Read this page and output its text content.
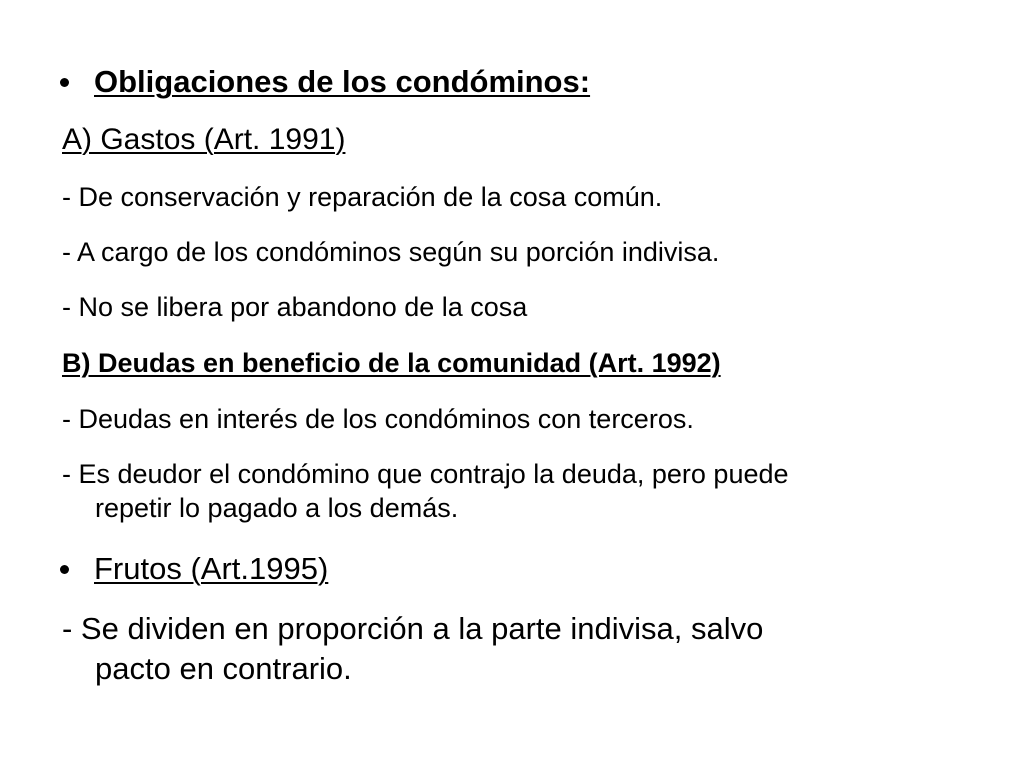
Obligaciones de los condóminos:
A) Gastos (Art. 1991)
- De conservación y reparación de la cosa común.
- A cargo de los condóminos según su porción indivisa.
- No se libera por abandono de la cosa
B) Deudas en beneficio de la comunidad (Art. 1992)
- Deudas en interés de los condóminos con terceros.
- Es deudor el condómino que contrajo la deuda, pero puede
repetir lo pagado a los demás.
Frutos (Art.1995)
- Se dividen en proporción a la parte indivisa, salvo
pacto en contrario.
